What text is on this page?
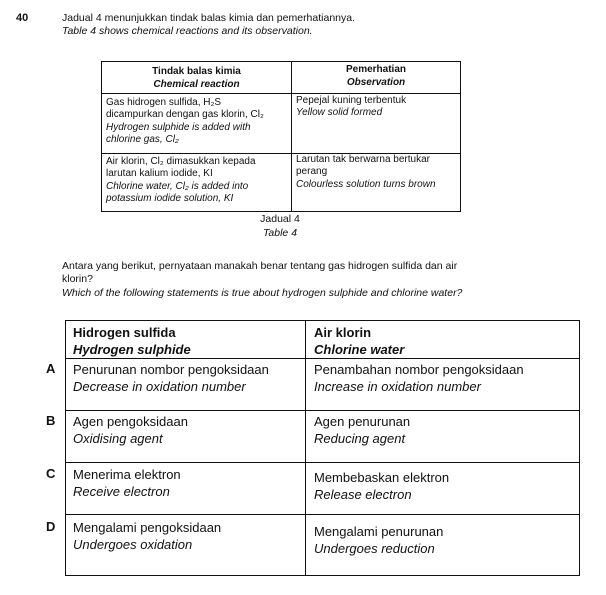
40	Jadual 4 menunjukkan tindak balas kimia dan pemerhatiannya.
Table 4 shows chemical reactions and its observation.
Tindak balas kimia
Chemical reaction
Pemerhatian
Observation
Gas hidrogen sulfida, H₂S
dicampurkan dengan gas klorin, Cl₂
Hydrogen sulphide is added with
chlorine gas, Cl₂
Pepejal kuning terbentuk
Yellow solid formed
Air klorin, Cl₂ dimasukkan kepada
larutan kalium iodide, KI
Chlorine water, Cl₂ is added into
potassium iodide solution, KI
Larutan tak berwarna bertukar
perang
Colourless solution turns brown
Jadual 4
Table 4
Antara yang berikut, pernyataan manakah benar tentang gas hidrogen sulfida dan air
klorin?
Which of the following statements is true about hydrogen sulphide and chlorine water?
Hidrogen sulfida
Hydrogen sulphide
Air klorin
Chlorine water
Penurunan nombor pengoksidaan
Decrease in oxidation number
Penambahan nombor pengoksidaan
Increase in oxidation number
Agen pengoksidaan
Oxidising agent
Agen penurunan
Reducing agent
Menerima elektron
Receive electron
Membebaskan elektron
Release electron
Mengalami pengoksidaan
Undergoes oxidation
Mengalami penurunan
Undergoes reduction
A
B
C
D
